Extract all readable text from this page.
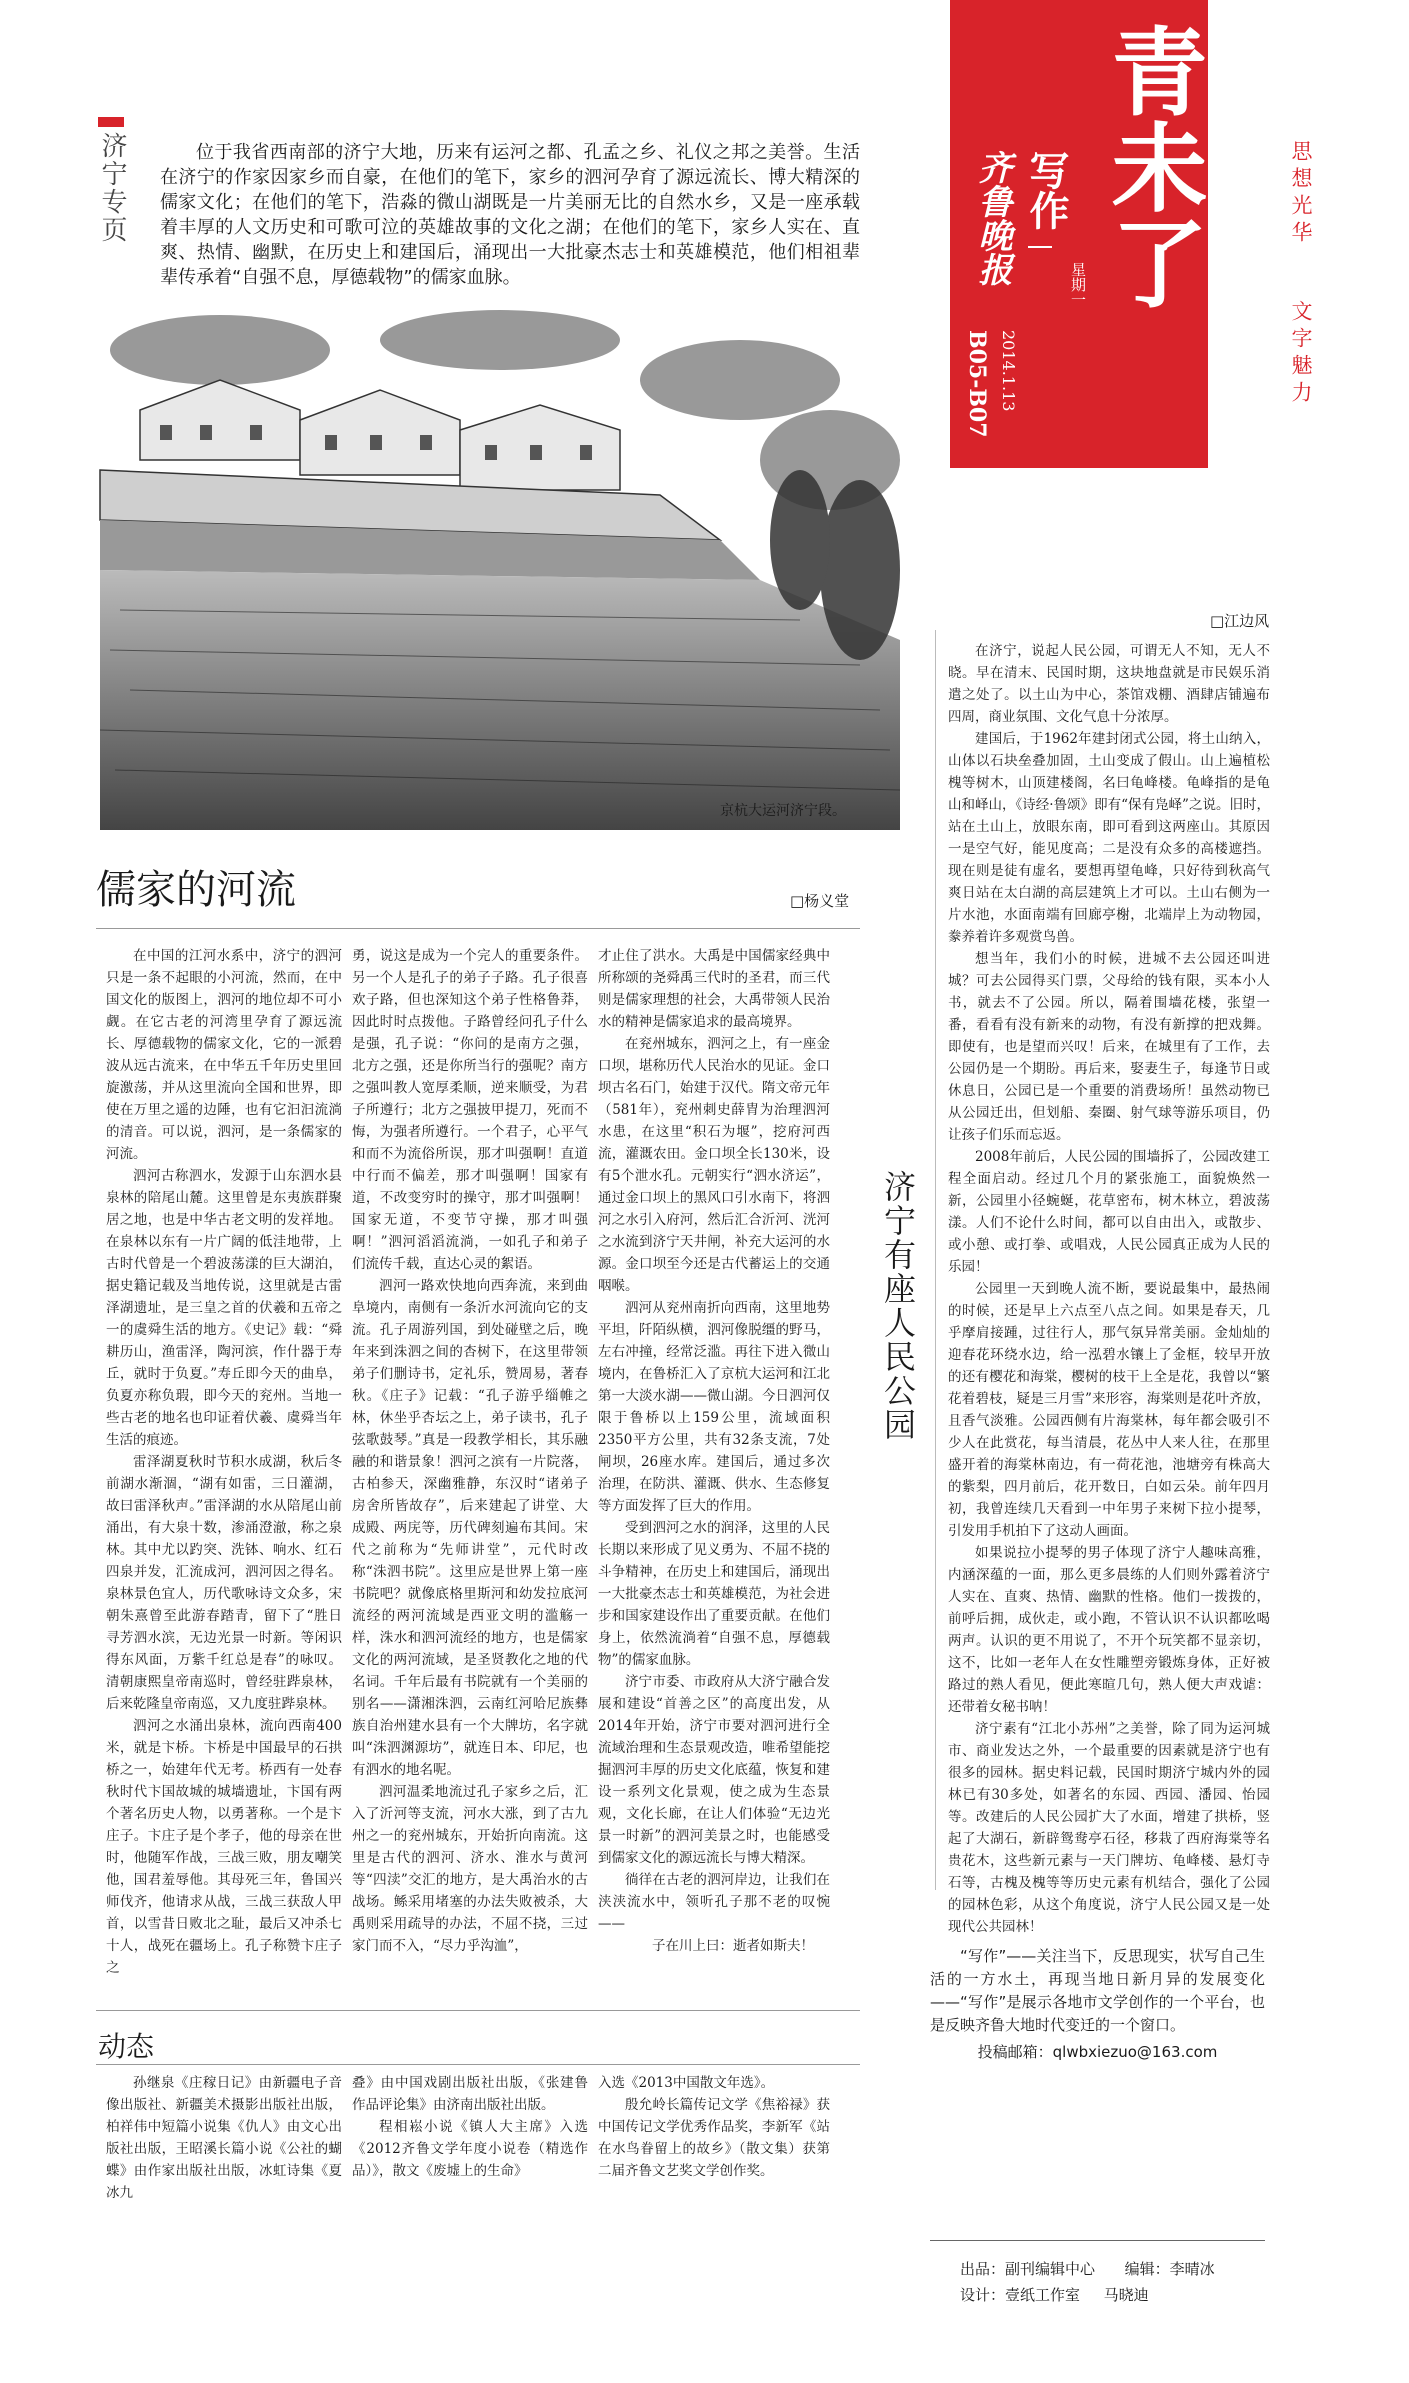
济宁专页	位于我省西南部的济宁大地，历来有运河之都、孔孟之乡、礼仪之邦之美誉。生活在济宁的作家因家乡而自豪，在他们的笔下，家乡的泗河孕育了源远流长、博大精深的儒家文化；在他们的笔下，浩淼的微山湖既是一片美丽无比的自然水乡，又是一座承载着丰厚的人文历史和可歌可泣的英雄故事的文化之湖；在他们的笔下，家乡人实在、直爽、热情、幽默，在历史上和建国后，涌现出一大批豪杰志士和英雄模范，他们相祖辈辈传承着“自强不息，厚德载物”的儒家血脉。	青未了
齐鲁晚报 写作
星期一
2014.1.13
B05-B07
思想光华
文字魅力
京杭大运河济宁段。
儒家的河流	□杨义堂

在中国的江河水系中，济宁的泗河只是一条不起眼的小河流，然而，在中国文化的版图上，泗河的地位却不可小觑。在它古老的河湾里孕育了源远流长、厚德载物的儒家文化，它的一派碧波从远古流来，在中华五千年历史里回旋激荡，并从这里流向全国和世界，即使在万里之遥的边陲，也有它汩汩流淌的清音。可以说，泗河，是一条儒家的河流。

泗河古称泗水，发源于山东泗水县泉林的陪尾山麓。这里曾是东夷族群聚居之地，也是中华古老文明的发祥地。在泉林以东有一片广阔的低洼地带，上古时代曾是一个碧波荡漾的巨大湖泊，据史籍记载及当地传说，这里就是古雷泽湖遗址，是三皇之首的伏羲和五帝之一的虞舜生活的地方。《史记》载：“舜耕历山，渔雷泽，陶河滨，作什器于寿丘，就时于负夏。”寿丘即今天的曲阜，负夏亦称负瑕，即今天的兖州。当地一些古老的地名也印证着伏羲、虞舜当年生活的痕迹。

雷泽湖夏秋时节积水成湖，秋后冬前湖水渐涸，“湖有如雷，三日灌湖，故曰雷泽秋声。”雷泽湖的水从陪尾山前涌出，有大泉十数，渗涌澄澈，称之泉林。其中尤以趵突、洗钵、响水、红石四泉并发，汇流成河，泗河因之得名。泉林景色宜人，历代歌咏诗文众多，宋朝朱熹曾至此游春踏青，留下了“胜日寻芳泗水滨，无边光景一时新。等闲识得东风面，万紫千红总是春”的咏叹。清朝康熙皇帝南巡时，曾经驻跸泉林，后来乾隆皇帝南巡，又九度驻跸泉林。

泗河之水涌出泉林，流向西南400米，就是卞桥。卞桥是中国最早的石拱桥之一，始建年代无考。桥西有一处春秋时代卞国故城的城墙遗址，卞国有两个著名历史人物，以勇著称。一个是卞庄子。卞庄子是个孝子，他的母亲在世时，他随军作战，三战三败，朋友嘲笑他，国君羞辱他。其母死三年，鲁国兴师伐齐，他请求从战，三战三获敌人甲首，以雪昔日败北之耻，最后又冲杀七十人，战死在疆场上。孔子称赞卞庄子之

勇，说这是成为一个完人的重要条件。另一个人是孔子的弟子子路。孔子很喜欢子路，但也深知这个弟子性格鲁莽，因此时时点拨他。子路曾经问孔子什么是强，孔子说：“你问的是南方之强，北方之强，还是你所当行的强呢？南方之强叫教人宽厚柔顺，逆来顺受，为君子所遵行；北方之强披甲提刀，死而不悔，为强者所遵行。一个君子，心平气和而不为流俗所误，那才叫强啊！直道中行而不偏差，那才叫强啊！国家有道，不改变穷时的操守，那才叫强啊！国家无道，不变节守操，那才叫强啊！”泗河滔滔流淌，一如孔子和弟子们流传千载，直达心灵的絮语。

泗河一路欢快地向西奔流，来到曲阜境内，南侧有一条沂水河流向它的支流。孔子周游列国，到处碰壁之后，晚年来到洙泗之间的杏树下，在这里带领弟子们删诗书，定礼乐，赞周易，著春秋。《庄子》记载：“孔子游乎缁帷之林，休坐乎杏坛之上，弟子读书，孔子弦歌鼓琴。”真是一段教学相长，其乐融融的和谐景象！泗河之滨有一片院落，古柏参天，深幽雅静，东汉时“诸弟子房舍所皆故存”，后来建起了讲堂、大成殿、两庑等，历代碑刻遍布其间。宋代之前称为“先师讲堂”，元代时改称“洙泗书院”。这里应是世界上第一座书院吧？就像底格里斯河和幼发拉底河流经的两河流域是西亚文明的滥觞一样，洙水和泗河流经的地方，也是儒家文化的两河流域，是圣贤教化之地的代名词。千年后最有书院就有一个美丽的别名——潇湘洙泗，云南红河哈尼族彝族自治州建水县有一个大牌坊，名字就叫“洙泗渊源坊”，就连日本、印尼，也有泗水的地名呢。

泗河温柔地流过孔子家乡之后，汇入了沂河等支流，河水大涨，到了古九州之一的兖州城东，开始折向南流。这里是古代的泗河、济水、淮水与黄河等“四渎”交汇的地方，是大禹治水的古战场。鲧采用堵塞的办法失败被杀，大禹则采用疏导的办法，不屈不挠，三过家门而不入，“尽力乎沟洫”，

才止住了洪水。大禹是中国儒家经典中所称颂的尧舜禹三代时的圣君，而三代则是儒家理想的社会，大禹带领人民治水的精神是儒家追求的最高境界。

在兖州城东，泗河之上，有一座金口坝，堪称历代人民治水的见证。金口坝古名石门，始建于汉代。隋文帝元年（581年），兖州刺史薛胄为治理泗河水患，在这里“积石为堰”，挖府河西流，灌溉农田。金口坝全长130米，设有5个泄水孔。元朝实行“泗水济运”，通过金口坝上的黑风口引水南下，将泗河之水引入府河，然后汇合沂河、洸河之水流到济宁天井闸，补充大运河的水源。金口坝至今还是古代蓄运上的交通咽喉。

泗河从兖州南折向西南，这里地势平坦，阡陌纵横，泗河像脱缰的野马，左右冲撞，经常泛滥。再往下进入微山境内，在鲁桥汇入了京杭大运河和江北第一大淡水湖——微山湖。今日泗河仅限于鲁桥以上159公里，流域面积2350平方公里，共有32条支流，7处闸坝，26座水库。建国后，通过多次治理，在防洪、灌溉、供水、生态修复等方面发挥了巨大的作用。

受到泗河之水的润泽，这里的人民长期以来形成了见义勇为、不屈不挠的斗争精神，在历史上和建国后，涌现出一大批豪杰志士和英雄模范，为社会进步和国家建设作出了重要贡献。在他们身上，依然流淌着“自强不息，厚德载物”的儒家血脉。

济宁市委、市政府从大济宁融合发展和建设“首善之区”的高度出发，从2014年开始，济宁市要对泗河进行全流域治理和生态景观改造，唯希望能挖掘泗河丰厚的历史文化底蕴，恢复和建设一系列文化景观，使之成为生态景观，文化长廊，在让人们体验“无边光景一时新”的泗河美景之时，也能感受到儒家文化的源远流长与博大精深。

徜徉在古老的泗河岸边，让我们在浃浃流水中，领听孔子那不老的叹惋——

子在川上曰：逝者如斯夫！

济宁有座人民公园
□江边风

在济宁，说起人民公园，可谓无人不知，无人不晓。早在清末、民国时期，这块地盘就是市民娱乐消遣之处了。以土山为中心，茶馆戏棚、酒肆店铺遍布四周，商业氛围、文化气息十分浓厚。

建国后，于1962年建封闭式公园，将土山纳入，山体以石块垒叠加固，土山变成了假山。山上遍植松槐等树木，山顶建楼阁，名曰龟峰楼。龟峰指的是龟山和峄山，《诗经·鲁颂》即有“保有凫峄”之说。旧时，站在土山上，放眼东南，即可看到这两座山。其原因一是空气好，能见度高；二是没有众多的高楼遮挡。现在则是徒有虚名，要想再望龟峰，只好待到秋高气爽日站在太白湖的高层建筑上才可以。土山右侧为一片水池，水面南端有回廊亭榭，北端岸上为动物园，豢养着许多观赏鸟兽。

想当年，我们小的时候，进城不去公园还叫进城？可去公园得买门票，父母给的钱有限，买本小人书，就去不了公园。所以，隔着围墙花楼，张望一番，看看有没有新来的动物，有没有新撑的把戏舞。即使有，也是望而兴叹！后来，在城里有了工作，去公园仍是一个期盼。再后来，娶妻生子，每逢节日或休息日，公园已是一个重要的消费场所！虽然动物已从公园迁出，但划船、秦圈、射气球等游乐项目，仍让孩子们乐而忘返。

2008年前后，人民公园的围墙拆了，公园改建工程全面启动。经过几个月的紧张施工，面貌焕然一新，公园里小径蜿蜒，花草密布，树木林立，碧波荡漾。人们不论什么时间，都可以自由出入，或散步、或小憩、或打拳、或唱戏，人民公园真正成为人民的乐园！

公园里一天到晚人流不断，要说最集中，最热闹的时候，还是早上六点至八点之间。如果是春天，几乎摩肩接踵，过往行人，那气氛异常美丽。金灿灿的迎春花环绕水边，给一泓碧水镶上了金框，较早开放的还有樱花和海棠，樱树的枝干上全是花，我曾以“繁花着碧枝，疑是三月雪”来形容，海棠则是花叶齐放，且香气淡雅。公园西侧有片海棠林，每年都会吸引不少人在此赏花，每当清晨，花丛中人来人往，在那里盛开着的海棠林南边，有一荷花池，池塘旁有株高大的紫梨，四月前后，花开数日，白如云朵。前年四月初，我曾连续几天看到一中年男子来树下拉小提琴，引发用手机拍下了这动人画面。

如果说拉小提琴的男子体现了济宁人趣味高雅，内涵深蕴的一面，那么更多晨练的人们则外露着济宁人实在、直爽、热情、幽默的性格。他们一拨拨的，前呼后拥，成伙走，或小跑，不管认识不认识都吆喝两声。认识的更不用说了，不开个玩笑都不显亲切，这不，比如一老年人在女性雕塑旁锻炼身体，正好被路过的熟人看见，便此寒暄几句，熟人便大声戏谑：还带着女秘书呐！

济宁素有“江北小苏州”之美誉，除了同为运河城市、商业发达之外，一个最重要的因素就是济宁也有很多的园林。据史料记载，民国时期济宁城内外的园林已有30多处，如著名的东园、西园、潘园、怡园等。改建后的人民公园扩大了水面，增建了拱桥，竖起了大湖石，新辟鸳鸯亭石径，移栽了西府海棠等名贵花木，这些新元素与一天门牌坊、龟峰楼、悬灯寺石等，古槐及槐等等历史元素有机结合，强化了公园的园林色彩，从这个角度说，济宁人民公园又是一处现代公共园林！

动态

孙继泉《庄稼日记》由新疆电子音像出版社、新疆美术摄影出版社出版，柏祥伟中短篇小说集《仇人》由文心出版社出版，王昭溪长篇小说《公社的蝴蝶》由作家出版社出版，冰虹诗集《夏冰九

叠》由中国戏剧出版社出版，《张建鲁作品评论集》由济南出版社出版。

程相崧小说《镇人大主席》入选《2012齐鲁文学年度小说卷（精选作品）》，散文《废墟上的生命》

入选《2013中国散文年选》。

殷允岭长篇传记文学《焦裕禄》获中国传记文学优秀作品奖，李新军《站在水鸟眷留上的故乡》（散文集）获第二届齐鲁文艺奖文学创作奖。

“写作”——关注当下，反思现实，状写自己生活的一方水土，再现当地日新月异的发展变化——“写作”是展示各地市文学创作的一个平台，也是反映齐鲁大地时代变迁的一个窗口。

投稿邮箱：qlwbxiezuo@163.com
出品：副刊编辑中心 编辑：李晴冰
设计：壹纸工作室 马晓迪
